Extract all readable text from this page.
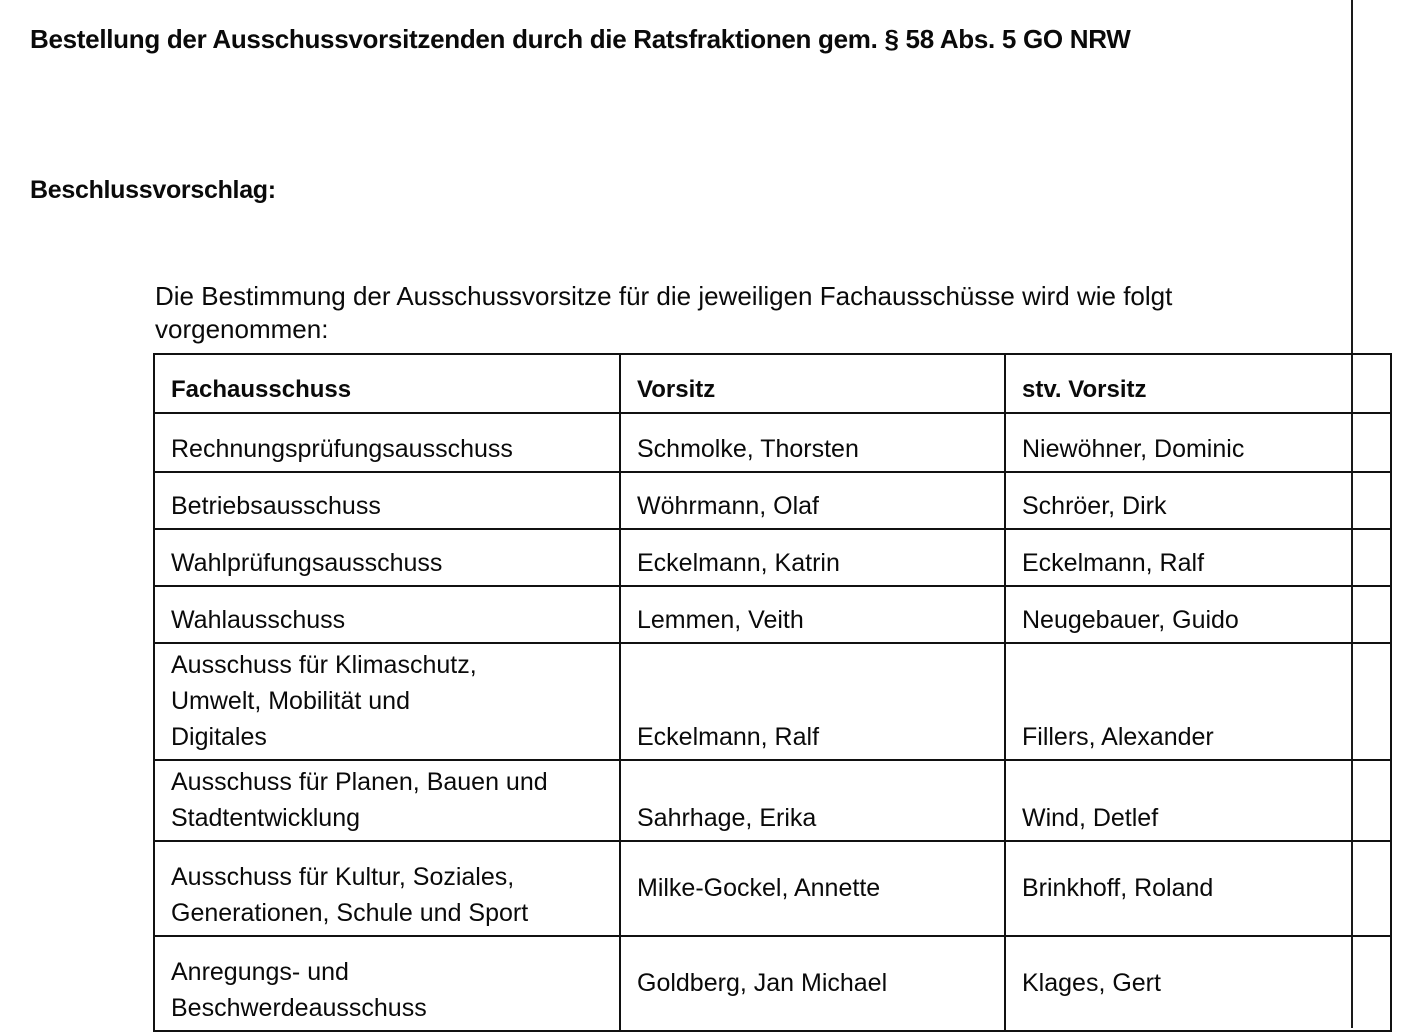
Bestellung der Ausschussvorsitzenden durch die Ratsfraktionen gem. § 58 Abs. 5 GO NRW
Beschlussvorschlag:
Die Bestimmung der Ausschussvorsitze für die jeweiligen Fachausschüsse wird wie folgt vorgenommen:
Fachausschuss	Vorsitz	stv. Vorsitz
Rechnungsprüfungsausschuss	Schmolke, Thorsten	Niewöhner, Dominic
Betriebsausschuss	Wöhrmann, Olaf	Schröer, Dirk
Wahlprüfungsausschuss	Eckelmann, Katrin	Eckelmann, Ralf
Wahlausschuss	Lemmen, Veith	Neugebauer, Guido
Ausschuss für Klimaschutz,
Umwelt, Mobilität und
Digitales	Eckelmann, Ralf	Fillers, Alexander
Ausschuss für Planen, Bauen und
Stadtentwicklung	Sahrhage, Erika	Wind, Detlef
Ausschuss für Kultur, Soziales,
Generationen, Schule und Sport	Milke-Gockel, Annette	Brinkhoff, Roland
Anregungs- und
Beschwerdeausschuss	Goldberg, Jan Michael	Klages, Gert
